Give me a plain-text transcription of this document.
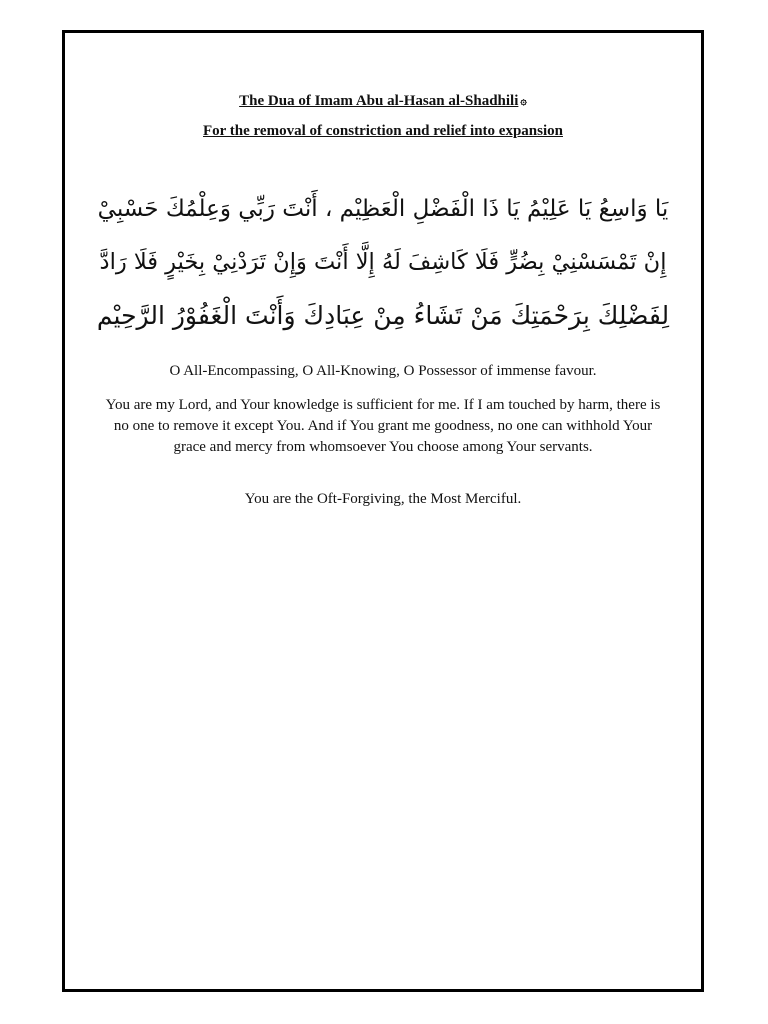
The Dua of Imam Abu al-Hasan al-Shadhili ۞
For the removal of constriction and relief into expansion
يَا وَاسِعُ يَا عَلِيْمُ يَا ذَا الْفَضْلِ الْعَظِيْم ، أَنْتَ رَبِّي وَعِلْمُكَ حَسْبِيْ
إِنْ تَمْسَسْنِيْ بِضُرٍّ فَلَا كَاشِفَ لَهُ إِلَّا أَنْتَ وَإِنْ تَرَدْنِيْ بِخَيْرٍ فَلَا رَادَّ
لِفَضْلِكَ بِرَحْمَتِكَ مَنْ تَشَاءُ مِنْ عِبَادِكَ وَأَنْتَ الْغَفُوْرُ الرَّحِيْم
O All-Encompassing, O All-Knowing, O Possessor of immense favour.
You are my Lord, and Your knowledge is sufficient for me. If I am touched by harm, there is no one to remove it except You. And if You grant me goodness, no one can withhold Your grace and mercy from whomsoever You choose among Your servants.
You are the Oft-Forgiving, the Most Merciful.
